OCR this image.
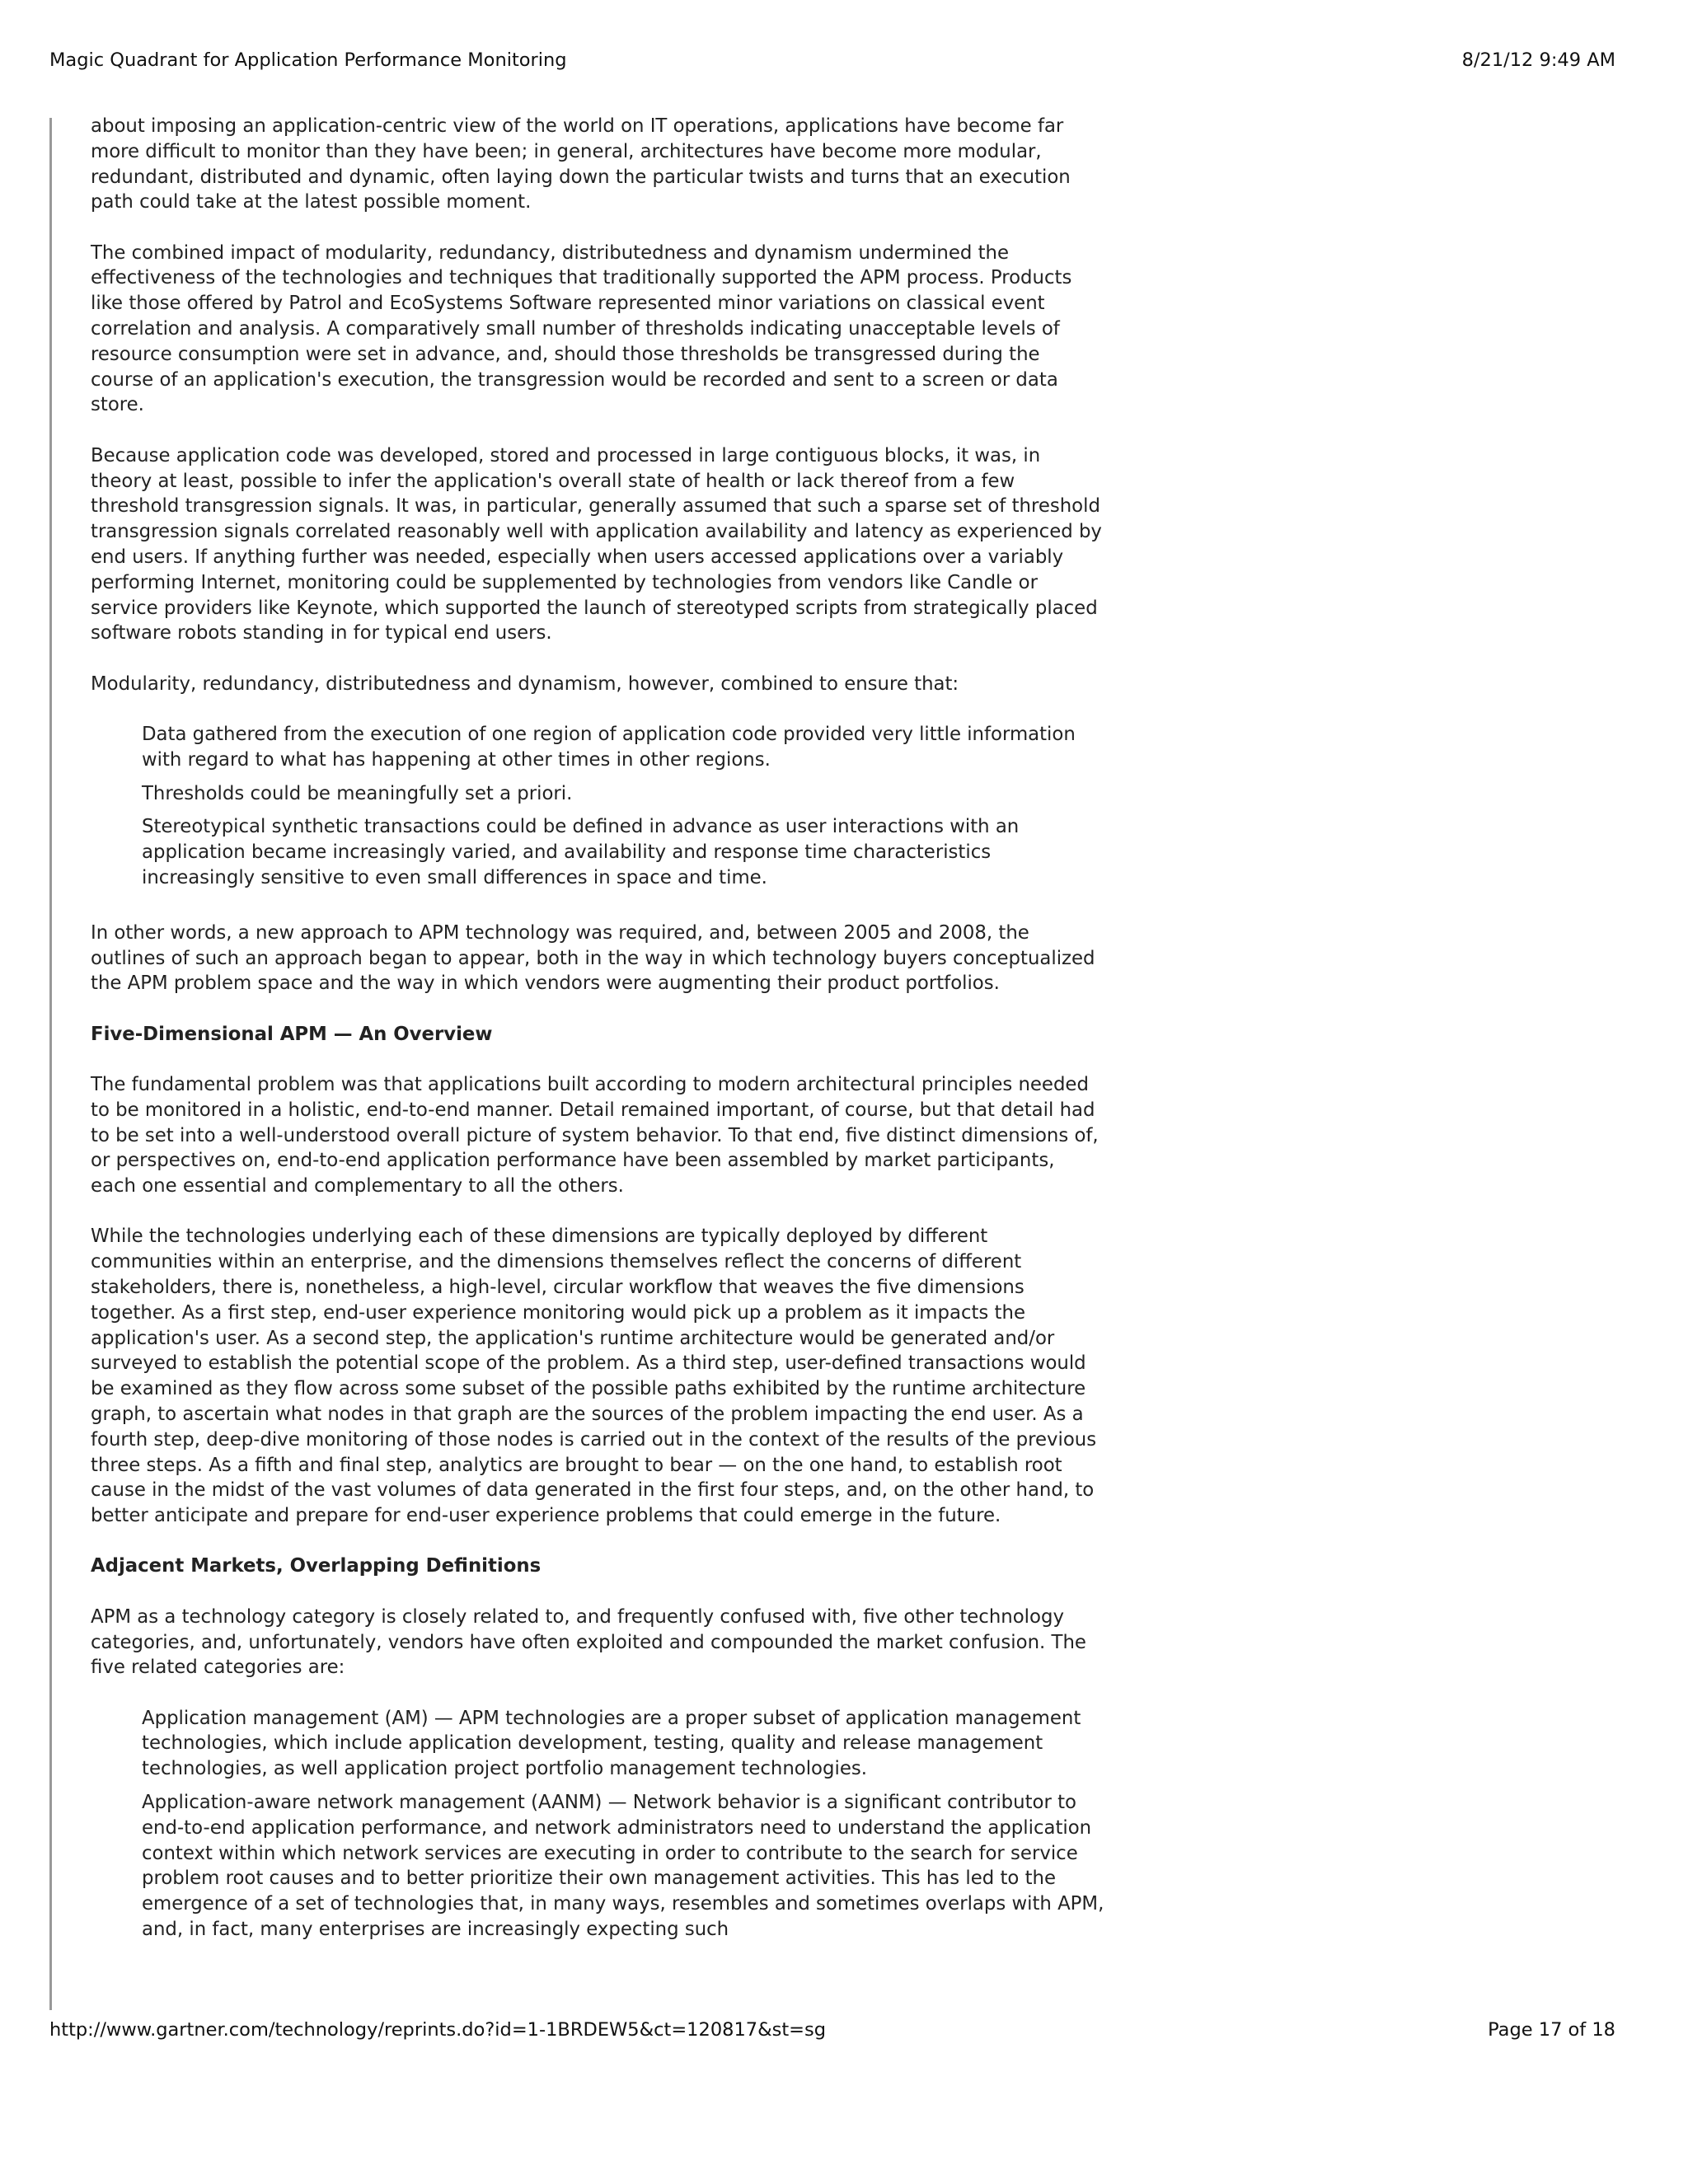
Magic Quadrant for Application Performance Monitoring	8/21/12 9:49 AM

about imposing an application-centric view of the world on IT operations, applications have become far more difficult to monitor than they have been; in general, architectures have become more modular, redundant, distributed and dynamic, often laying down the particular twists and turns that an execution path could take at the latest possible moment.

The combined impact of modularity, redundancy, distributedness and dynamism undermined the effectiveness of the technologies and techniques that traditionally supported the APM process. Products like those offered by Patrol and EcoSystems Software represented minor variations on classical event correlation and analysis. A comparatively small number of thresholds indicating unacceptable levels of resource consumption were set in advance, and, should those thresholds be transgressed during the course of an application's execution, the transgression would be recorded and sent to a screen or data store.

Because application code was developed, stored and processed in large contiguous blocks, it was, in theory at least, possible to infer the application's overall state of health or lack thereof from a few threshold transgression signals. It was, in particular, generally assumed that such a sparse set of threshold transgression signals correlated reasonably well with application availability and latency as experienced by end users. If anything further was needed, especially when users accessed applications over a variably performing Internet, monitoring could be supplemented by technologies from vendors like Candle or service providers like Keynote, which supported the launch of stereotyped scripts from strategically placed software robots standing in for typical end users.

Modularity, redundancy, distributedness and dynamism, however, combined to ensure that:

Data gathered from the execution of one region of application code provided very little information with regard to what has happening at other times in other regions.
Thresholds could be meaningfully set a priori.
Stereotypical synthetic transactions could be defined in advance as user interactions with an application became increasingly varied, and availability and response time characteristics increasingly sensitive to even small differences in space and time.

In other words, a new approach to APM technology was required, and, between 2005 and 2008, the outlines of such an approach began to appear, both in the way in which technology buyers conceptualized the APM problem space and the way in which vendors were augmenting their product portfolios.

Five-Dimensional APM — An Overview

The fundamental problem was that applications built according to modern architectural principles needed to be monitored in a holistic, end-to-end manner. Detail remained important, of course, but that detail had to be set into a well-understood overall picture of system behavior. To that end, five distinct dimensions of, or perspectives on, end-to-end application performance have been assembled by market participants, each one essential and complementary to all the others.

While the technologies underlying each of these dimensions are typically deployed by different communities within an enterprise, and the dimensions themselves reflect the concerns of different stakeholders, there is, nonetheless, a high-level, circular workflow that weaves the five dimensions together. As a first step, end-user experience monitoring would pick up a problem as it impacts the application's user. As a second step, the application's runtime architecture would be generated and/or surveyed to establish the potential scope of the problem. As a third step, user-defined transactions would be examined as they flow across some subset of the possible paths exhibited by the runtime architecture graph, to ascertain what nodes in that graph are the sources of the problem impacting the end user. As a fourth step, deep-dive monitoring of those nodes is carried out in the context of the results of the previous three steps. As a fifth and final step, analytics are brought to bear — on the one hand, to establish root cause in the midst of the vast volumes of data generated in the first four steps, and, on the other hand, to better anticipate and prepare for end-user experience problems that could emerge in the future.

Adjacent Markets, Overlapping Definitions

APM as a technology category is closely related to, and frequently confused with, five other technology categories, and, unfortunately, vendors have often exploited and compounded the market confusion. The five related categories are:

Application management (AM) — APM technologies are a proper subset of application management technologies, which include application development, testing, quality and release management technologies, as well application project portfolio management technologies.
Application-aware network management (AANM) — Network behavior is a significant contributor to end-to-end application performance, and network administrators need to understand the application context within which network services are executing in order to contribute to the search for service problem root causes and to better prioritize their own management activities. This has led to the emergence of a set of technologies that, in many ways, resembles and sometimes overlaps with APM, and, in fact, many enterprises are increasingly expecting such
http://www.gartner.com/technology/reprints.do?id=1-1BRDEW5&ct=120817&st=sg	Page 17 of 18
